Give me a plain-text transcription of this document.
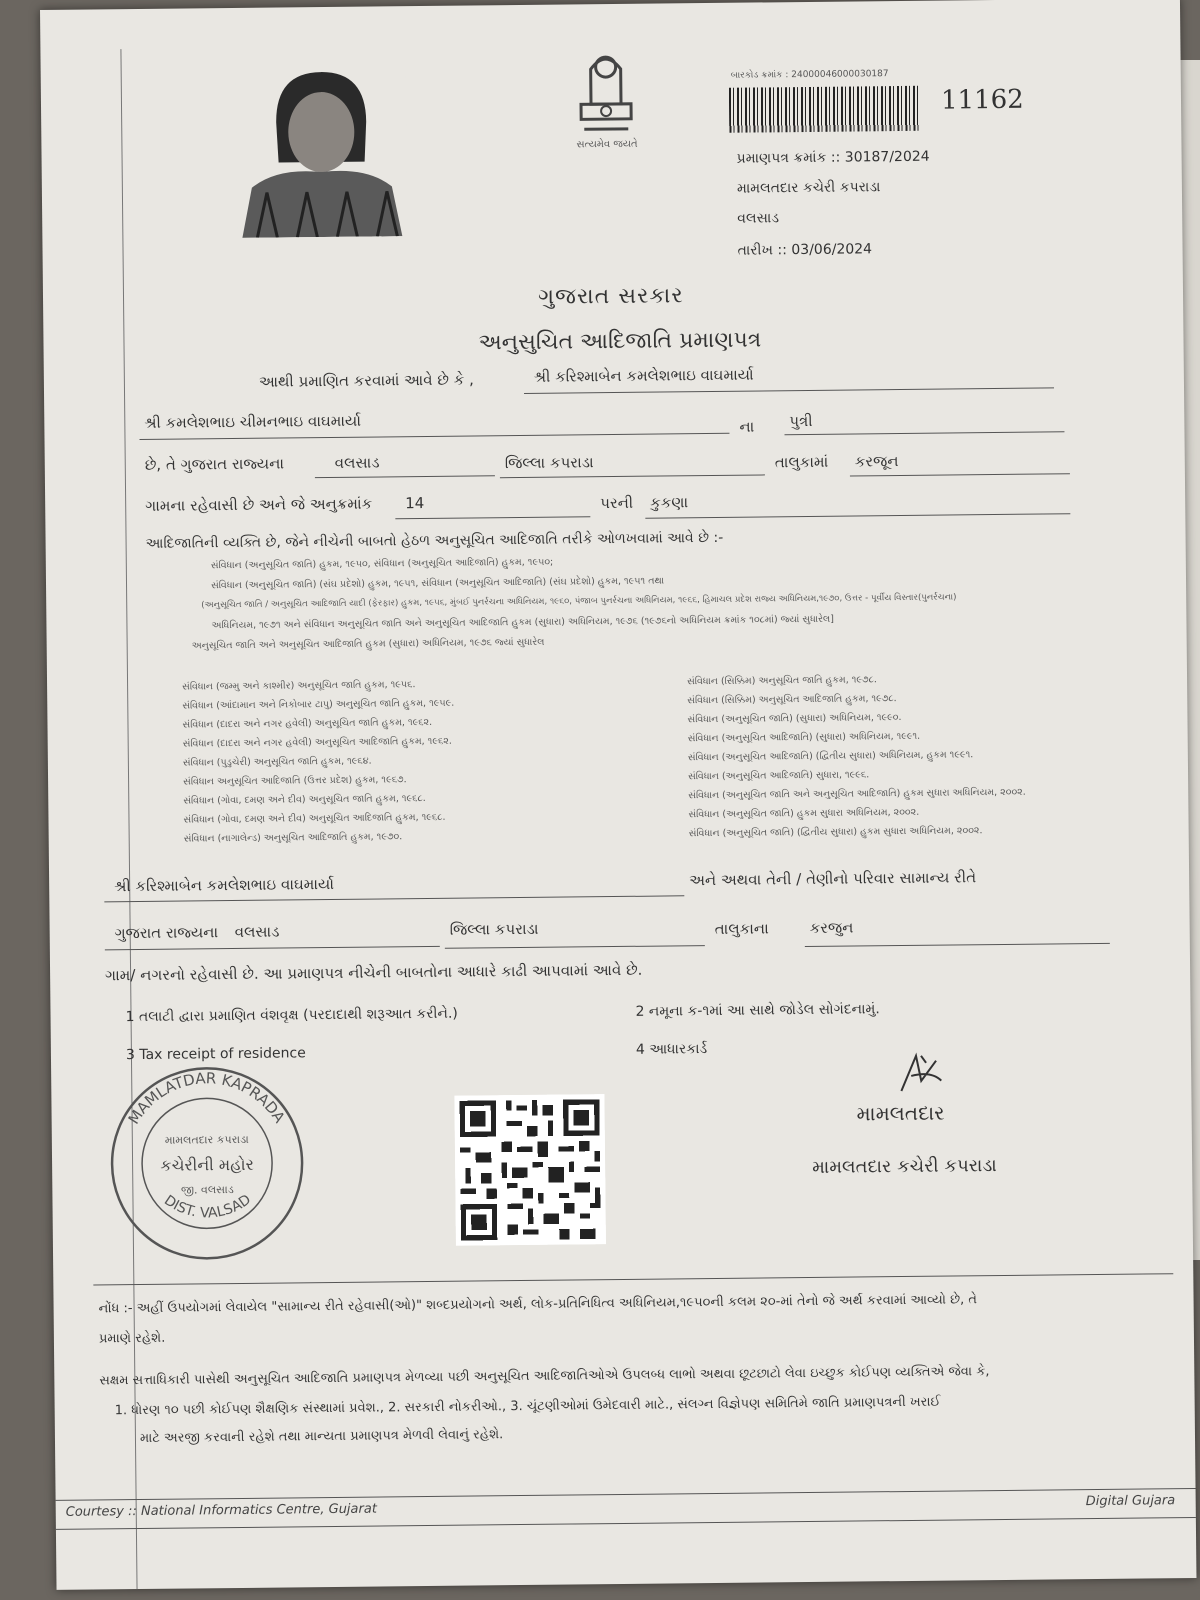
સત્યમેવ જયતે
બારકોડ ક્રમાંક : 24000046000030187
11162
પ્રમાણપત્ર ક્રમાંક :: 30187/2024
મામલતદાર કચેરી કપરાડા
વલસાડ
તારીખ :: 03/06/2024
ગુજરાત સરકાર
અનુસુચિત આદિજાતિ પ્રમાણપત્ર
આથી પ્રમાણિત કરવામાં આવે છે કે ,	શ્રી કરિશ્માબેન કમલેશભાઇ વાઘમાર્યા
શ્રી કમલેશભાઇ ચીમનભાઇ વાઘમાર્યા	ના પુત્રી
છે, તે ગુજરાત રાજ્યના	વલસાડ	જિલ્લા કપરાડા	તાલુકામાં કરજૂન
ગામના રહેવાસી છે અને જે અનુક્રમાંક 14	પરની કુકણા
આદિજાતિની વ્યક્તિ છે, જેને નીચેની બાબતો હેઠળ અનુસૂચિત આદિજાતિ તરીકે ઓળખવામાં આવે છે :-
સંવિધાન (અનુસૂચિત જાતિ) હુકમ, ૧૯૫૦, સંવિધાન (અનુસૂચિત આદિજાતિ) હુકમ, ૧૯૫૦;
સંવિધાન (અનુસૂચિત જાતિ) (સંઘ પ્રદેશો) હુકમ, ૧૯૫૧, સંવિધાન (અનુસૂચિત આદિજાતિ) (સંઘ પ્રદેશો) હુકમ, ૧૯૫૧ તથા
(અનુસૂચિત જાતિ / અનુસૂચિત આદિજાતિ યાદી (ફેરફાર) હુકમ, ૧૯૫૬, મુંબઈ પુનર્રચના અધિનિયમ, ૧૯૬૦, પંજાબ પુનર્રચના અધિનિયમ, ૧૯૬૬, હિમાચલ પ્રદેશ રાજ્ય અધિનિયમ,૧૯૭૦, ઉત્તર - પૂર્વીય વિસ્તાર(પુનર્રચના)
અધિનિયમ, ૧૯૭૧ અને સંવિધાન અનુસૂચિત જાતિ અને અનુસૂચિત આદિજાતિ હુકમ (સુધારા) અધિનિયમ, ૧૯૭૬ (૧૯૭૬નો અધિનિયમ ક્રમાંક ૧૦૮માં) જ્યાં સુધારેલ]
અનુસૂચિત જાતિ અને અનુસૂચિત આદિજાતિ હુકમ (સુધારા) અધિનિયમ, ૧૯૭૬ જ્યાં સુધારેલ
સંવિધાન (જમ્મુ અને કાશ્મીર) અનુસૂચિત જાતિ હુકમ, ૧૯૫૬.
સંવિધાન (આંદામાન અને નિકોબાર ટાપુ) અનુસૂચિત જાતિ હુકમ, ૧૯૫૯.
સંવિધાન (દાદરા અને નગર હવેલી) અનુસૂચિત જાતિ હુકમ, ૧૯૬૨.
સંવિધાન (દાદરા અને નગર હવેલી) અનુસૂચિત આદિજાતિ હુકમ, ૧૯૬૨.
સંવિધાન (પુડુચેરી) અનુસૂચિત જાતિ હુકમ, ૧૯૬૪.
સંવિધાન અનુસૂચિત આદિજાતિ (ઉત્તર પ્રદેશ) હુકમ, ૧૯૬૭.
સંવિધાન (ગોવા, દમણ અને દીવ) અનુસૂચિત જાતિ હુકમ, ૧૯૬૮.
સંવિધાન (ગોવા, દમણ અને દીવ) અનુસૂચિત આદિજાતિ હુકમ, ૧૯૬૮.
સંવિધાન (નાગાલેન્ડ) અનુસૂચિત આદિજાતિ હુકમ, ૧૯૭૦.
સંવિધાન (સિક્કિમ) અનુસૂચિત જાતિ હુકમ, ૧૯૭૮.
સંવિધાન (સિક્કિમ) અનુસૂચિત આદિજાતિ હુકમ, ૧૯૭૮.
સંવિધાન (અનુસૂચિત જાતિ) (સુધારા) અધિનિયમ, ૧૯૯૦.
સંવિધાન (અનુસૂચિત આદિજાતિ) (સુધારા) અધિનિયમ, ૧૯૯૧.
સંવિધાન (અનુસૂચિત આદિજાતિ) (દ્વિતીય સુધારા) અધિનિયમ, હુકમ ૧૯૯૧.
સંવિધાન (અનુસૂચિત આદિજાતિ) સુધારા, ૧૯૯૬.
સંવિધાન (અનુસૂચિત જાતિ અને અનુસૂચિત આદિજાતિ) હુકમ સુધારા અધિનિયમ, ૨૦૦૨.
સંવિધાન (અનુસૂચિત જાતિ) હુકમ સુધારા અધિનિયમ, ૨૦૦૨.
સંવિધાન (અનુસૂચિત જાતિ) (દ્વિતીય સુધારા) હુકમ સુધારા અધિનિયમ, ૨૦૦૨.
શ્રી કરિશ્માબેન કમલેશભાઇ વાઘમાર્યા	અને અથવા તેની / તેણીનો પરિવાર સામાન્ય રીતે
ગુજરાત રાજ્યના વલસાડ	જિલ્લા કપરાડા	તાલુકાના	કરજુન
ગામ/ નગરનો રહેવાસી છે. આ પ્રમાણપત્ર નીચેની બાબતોના આધારે કાઢી આપવામાં આવે છે.
1 તલાટી દ્વારા પ્રમાણિત વંશવૃક્ષ (પરદાદાથી શરૂઆત કરીને.)	2 નમૂના ક-૧માં આ સાથે જોડેલ સોગંદનામું.
3 Tax receipt of residence	4 આધારકાર્ડ
MAMLATDAR KAPRADA
DIST. VALSAD
મામલતદાર કપરાડા
કચેરીની મહોર
જી. વલસાડ
મામલતદાર
મામલતદાર કચેરી કપરાડા
નોંધ :- અહીં ઉપયોગમાં લેવાયેલ "સામાન્ય રીતે રહેવાસી(ઓ)" શબ્દપ્રયોગનો અર્થ, લોક-પ્રતિનિધિત્વ અધિનિયમ,૧૯૫૦ની કલમ ૨૦-માં તેનો જે અર્થ કરવામાં આવ્યો છે, તે
પ્રમાણે રહેશે.
સક્ષમ સત્તાધિકારી પાસેથી અનુસૂચિત આદિજાતિ પ્રમાણપત્ર મેળવ્યા પછી અનુસૂચિત આદિજાતિઓએ ઉપલબ્ધ લાભો અથવા છૂટછાટો લેવા ઇચ્છુક કોઈપણ વ્યક્તિએ જેવા કે,
1. ધોરણ ૧૦ પછી કોઈપણ શૈક્ષણિક સંસ્થામાં પ્રવેશ., 2. સરકારી નોકરીઓ., 3. ચૂંટણીઓમાં ઉમેદવારી માટે., સંલગ્ન વિજ્ઞેપણ સમિતિમે જાતિ પ્રમાણપત્રની ખરાઈ
માટે અરજી કરવાની રહેશે તથા માન્યતા પ્રમાણપત્ર મેળવી લેવાનું રહેશે.
Courtesy :: National Informatics Centre, Gujarat
Digital Gujara
